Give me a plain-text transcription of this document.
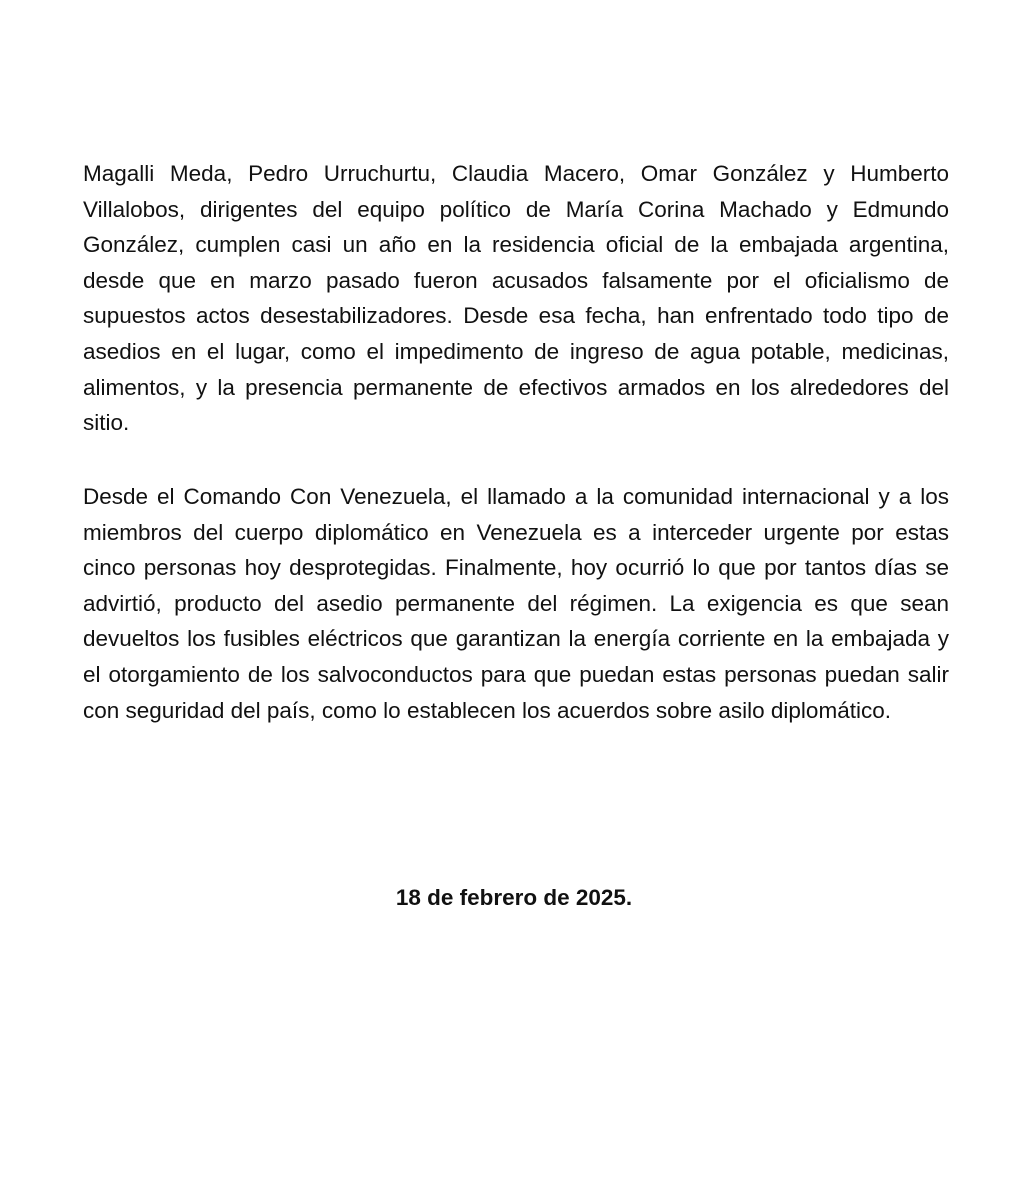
Magalli Meda, Pedro Urruchurtu, Claudia Macero, Omar González y Humberto Villalobos, dirigentes del equipo político de María Corina Machado y Edmundo González, cumplen casi un año en la residencia oficial de la embajada argentina, desde que en marzo pasado fueron acusados falsamente por el oficialismo de supuestos actos desestabilizadores. Desde esa fecha, han enfrentado todo tipo de asedios en el lugar, como el impedimento de ingreso de agua potable, medicinas, alimentos, y la presencia permanente de efectivos armados en los alrededores del sitio.

Desde el Comando Con Venezuela, el llamado a la comunidad internacional y a los miembros del cuerpo diplomático en Venezuela es a interceder urgente por estas cinco personas hoy desprotegidas. Finalmente, hoy ocurrió lo que por tantos días se advirtió, producto del asedio permanente del régimen. La exigencia es que sean devueltos los fusibles eléctricos que garantizan la energía corriente en la embajada y el otorgamiento de los salvoconductos para que puedan estas personas puedan salir con seguridad del país, como lo establecen los acuerdos sobre asilo diplomático.

18 de febrero de 2025.
